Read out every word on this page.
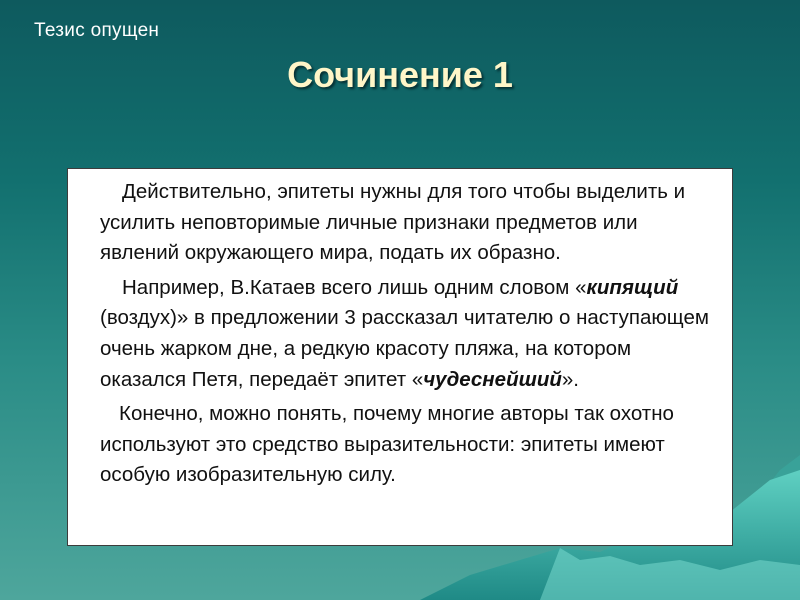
Тезис опущен
Сочинение 1

Действительно, эпитеты нужны для того чтобы выделить и усилить неповторимые личные признаки предметов или явлений окружающего мира, подать их образно.

Например, В.Катаев всего лишь одним словом «кипящий (воздух)» в предложении 3 рассказал читателю о наступающем очень жарком дне, а редкую красоту пляжа, на котором оказался Петя, передаёт эпитет «чудеснейший».

Конечно, можно понять, почему многие авторы так охотно используют это средство выразительности: эпитеты имеют особую изобразительную силу.
